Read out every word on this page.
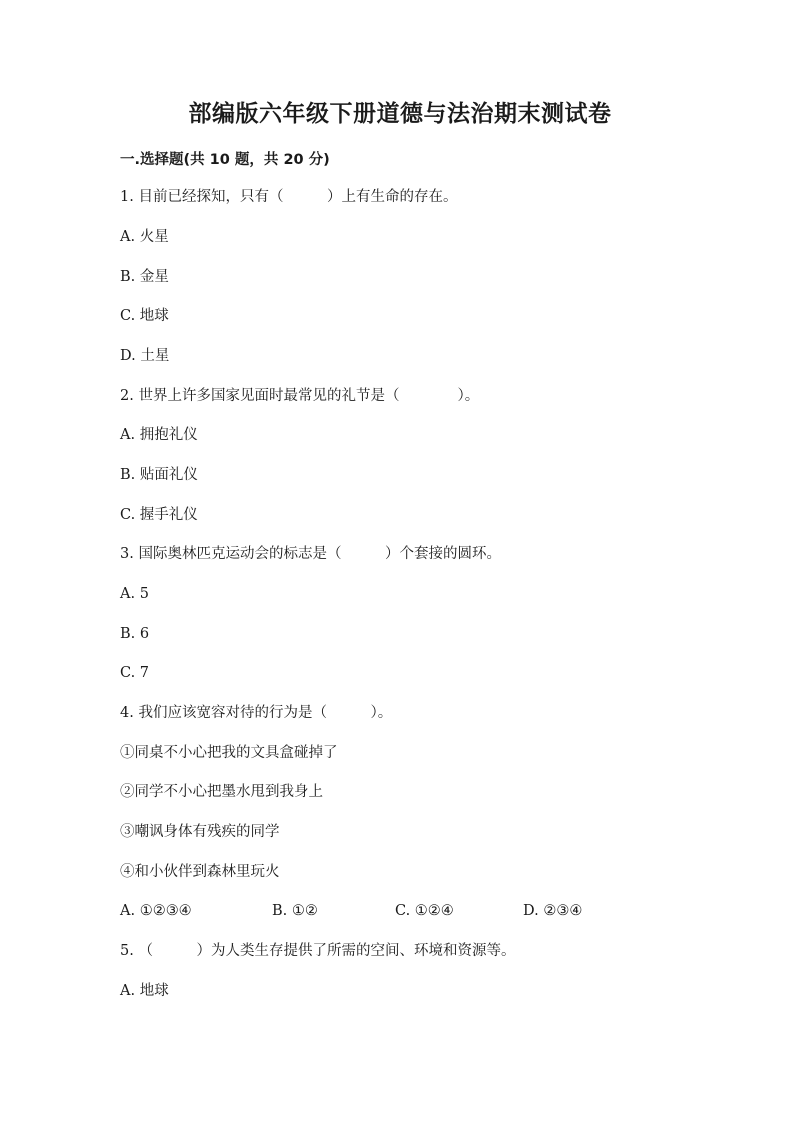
部编版六年级下册道德与法治期末测试卷
一.选择题(共 10 题，共 20 分)
1. 目前已经探知，只有（　　　）上有生命的存在。
A. 火星
B. 金星
C. 地球
D. 土星
2. 世界上许多国家见面时最常见的礼节是（　　　　）。
A. 拥抱礼仪
B. 贴面礼仪
C. 握手礼仪
3. 国际奥林匹克运动会的标志是（　　　）个套接的圆环。
A. 5
B. 6
C. 7
4. 我们应该宽容对待的行为是（　　　）。
①同桌不小心把我的文具盒碰掉了
②同学不小心把墨水甩到我身上
③嘲讽身体有残疾的同学
④和小伙伴到森林里玩火
A. ①②③④	B. ①②	C. ①②④	D. ②③④
5. （　　　）为人类生存提供了所需的空间、环境和资源等。
A. 地球
